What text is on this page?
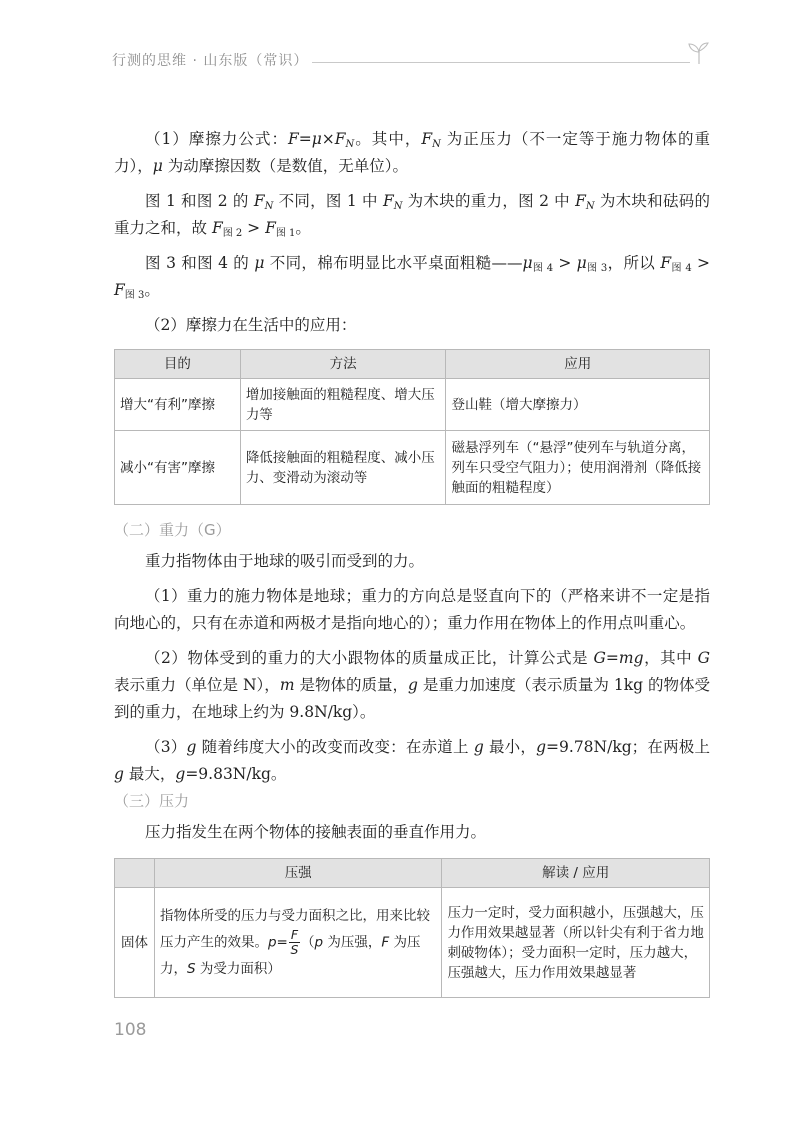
行测的思维 · 山东版（常识）

（1）摩擦力公式：$F=\mu\times F_N$。其中，$F_N$ 为正压力（不一定等于施力物体的重力），μ 为动摩擦因数（是数值，无单位）。

图 1 和图 2 的 $F_N$ 不同，图 1 中 $F_N$ 为木块的重力，图 2 中 $F_N$ 为木块和砝码的重力之和，故 $F_{图 2} > F_{图 1}$。

图 3 和图 4 的 μ 不同，棉布明显比水平桌面粗糙$——\mu_{图 4} > \mu_{图 3}$，所以 $F_{图 4} > F_{图 3}$。

（2）摩擦力在生活中的应用：

目的	方法	应用
增大“有利”摩擦	增加接触面的粗糙程度、增大压力等	登山鞋（增大摩擦力）
减小“有害”摩擦	降低接触面的粗糙程度、减小压力、变滑动为滚动等	磁悬浮列车（“悬浮”使列车与轨道分离，列车只受空气阻力）；使用润滑剂（降低接触面的粗糙程度）

（二）重力（G）

重力指物体由于地球的吸引而受到的力。

（1）重力的施力物体是地球；重力的方向总是竖直向下的（严格来讲不一定是指向地心的，只有在赤道和两极才是指向地心的）；重力作用在物体上的作用点叫重心。

（2）物体受到的重力的大小跟物体的质量成正比，计算公式是 G=mg，其中 G 表示重力（单位是 N），m 是物体的质量，g 是重力加速度（表示质量为 1kg 的物体受到的重力，在地球上约为 9.8N/kg）。

（3）g 随着纬度大小的改变而改变：在赤道上 g 最小，g=9.78N/kg；在两极上 g 最大，g=9.83N/kg。

（三）压力

压力指发生在两个物体的接触表面的垂直作用力。

	压强	解读 / 应用
固体	指物体所受的压力与受力面积之比，用来比较压力产生的效果。$p= \frac{F}{S} (p$ 为压强，F 为压力，S 为受力面积）	压力一定时，受力面积越小，压强越大，压力作用效果越显著（所以针尖有利于省力地刺破物体）；受力面积一定时，压力越大，压强越大，压力作用效果越显著
108
